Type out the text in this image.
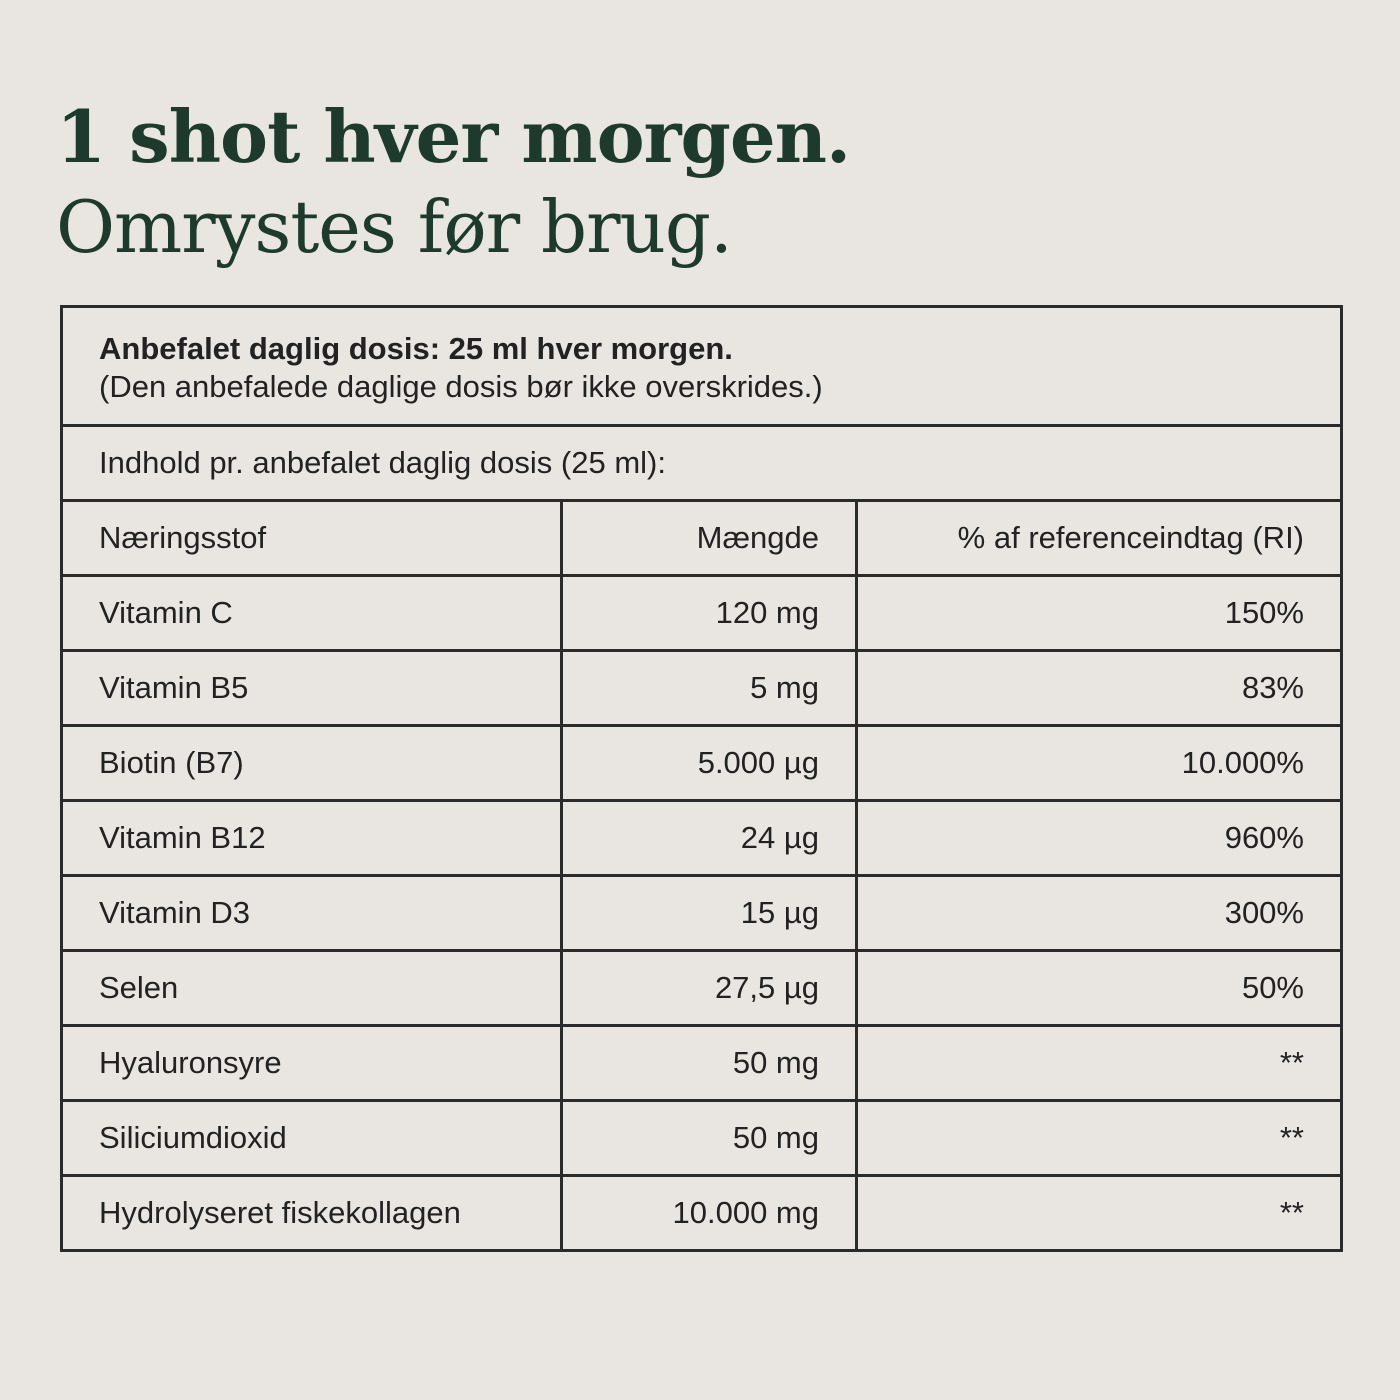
1 shot hver morgen.
Omrystes før brug.
Anbefalet daglig dosis: 25 ml hver morgen.
(Den anbefalede daglige dosis bør ikke overskrides.)		

Indhold pr. anbefalet daglig dosis (25 ml):		
Næringsstof	Mængde	% af referenceindtag (RI)
Vitamin C	120 mg	150%
Vitamin B5	5 mg	83%
Biotin (B7)	5.000 µg	10.000%
Vitamin B12	24 µg	960%
Vitamin D3	15 µg	300%
Selen	27,5 µg	50%
Hyaluronsyre	50 mg	**
Siliciumdioxid	50 mg	**
Hydrolyseret fiskekollagen	10.000 mg	**
